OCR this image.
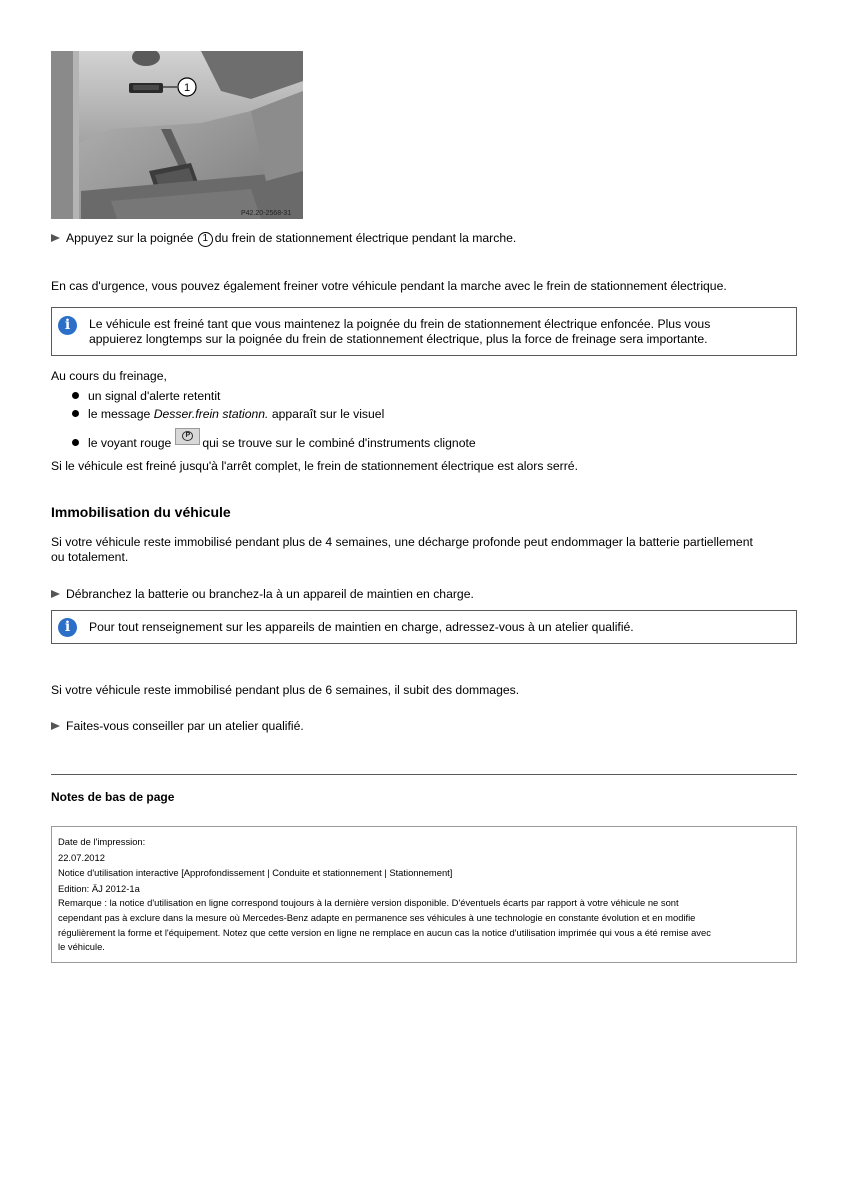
1
P42.20-2568-31
Appuyez sur la poignée 1 du frein de stationnement électrique pendant la marche.

En cas d'urgence, vous pouvez également freiner votre véhicule pendant la marche avec le frein de stationnement électrique.

i	Le véhicule est freiné tant que vous maintenez la poignée du frein de stationnement électrique enfoncée. Plus vous
appuierez longtemps sur la poignée du frein de stationnement électrique, plus la force de freinage sera importante.

Au cours du freinage,

un signal d'alerte retentit
le message Desser.frein stationn. apparaît sur le visuel
le voyant rouge
P
qui se trouve sur le combiné d'instruments clignote

Si le véhicule est freiné jusqu'à l'arrêt complet, le frein de stationnement électrique est alors serré.

Immobilisation du véhicule
Si votre véhicule reste immobilisé pendant plus de 4 semaines, une décharge profonde peut endommager la batterie partiellement
ou totalement.
Débranchez la batterie ou branchez-la à un appareil de maintien en charge.
i	Pour tout renseignement sur les appareils de maintien en charge, adressez-vous à un atelier qualifié.

Si votre véhicule reste immobilisé pendant plus de 6 semaines, il subit des dommages.

Faites-vous conseiller par un atelier qualifié.

Notes de bas de page

Date de l'impression:
22.07.2012
Notice d'utilisation interactive [Approfondissement | Conduite et stationnement | Stationnement]
Edition: ÄJ 2012-1a
Remarque : la notice d'utilisation en ligne correspond toujours à la dernière version disponible. D'éventuels écarts par rapport à votre véhicule ne sont
cependant pas à exclure dans la mesure où Mercedes-Benz adapte en permanence ses véhicules à une technologie en constante évolution et en modifie
régulièrement la forme et l'équipement. Notez que cette version en ligne ne remplace en aucun cas la notice d'utilisation imprimée qui vous a été remise avec
le véhicule.
